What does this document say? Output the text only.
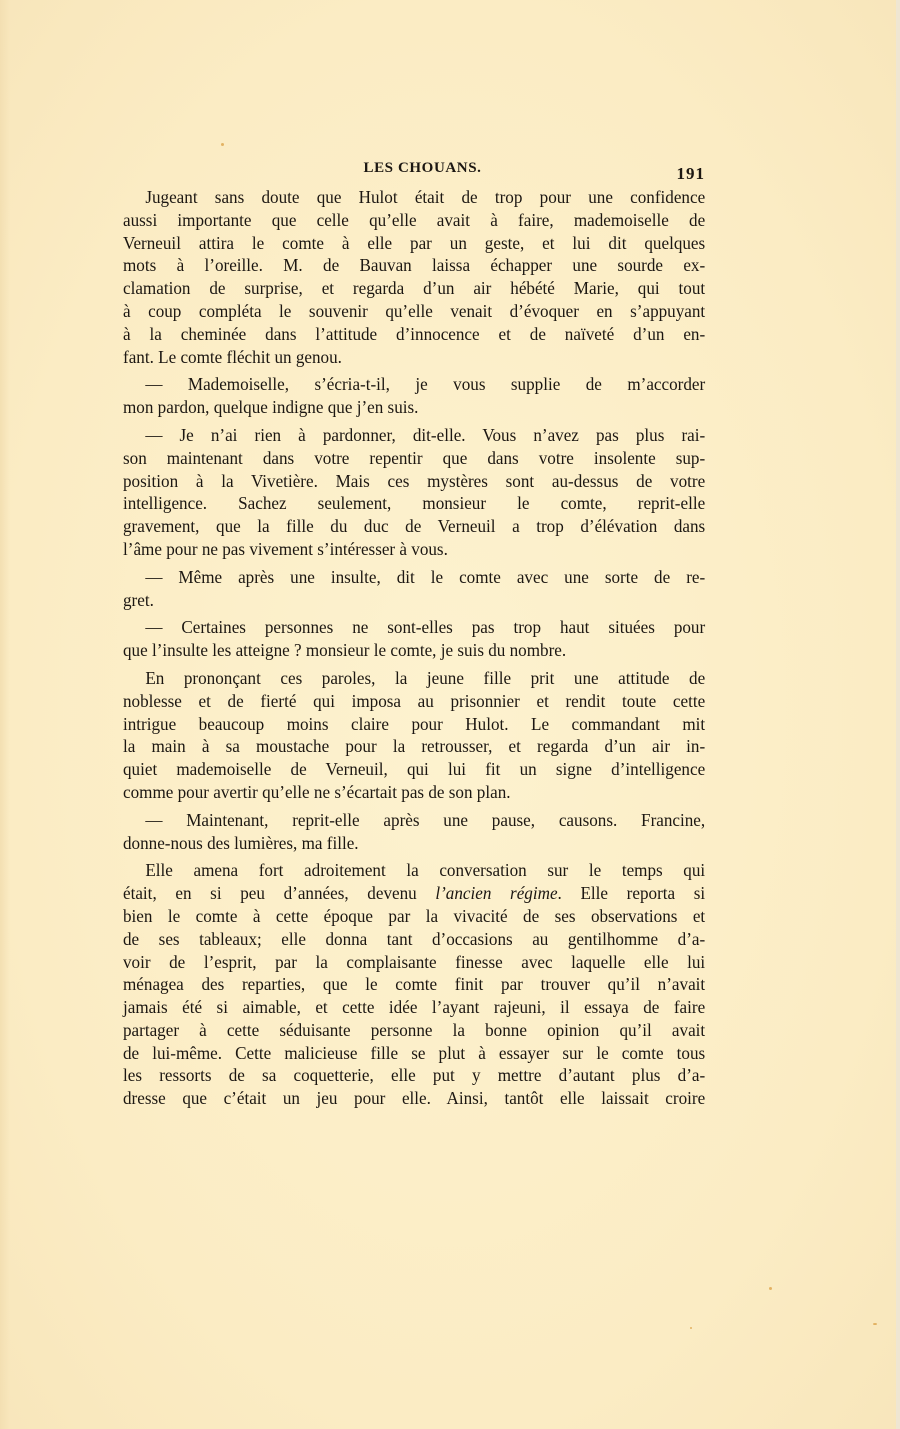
LES CHOUANS.	191

Jugeant sans doute que Hulot était de trop pour une confidence
aussi importante que celle qu’elle avait à faire, mademoiselle de
Verneuil attira le comte à elle par un geste, et lui dit quelques
mots à l’oreille. M. de Bauvan laissa échapper une sourde ex-
clamation de surprise, et regarda d’un air hébété Marie, qui tout
à coup compléta le souvenir qu’elle venait d’évoquer en s’appuyant
à la cheminée dans l’attitude d’innocence et de naïveté d’un en-
fant. Le comte fléchit un genou.

— Mademoiselle, s’écria-t-il, je vous supplie de m’accorder
mon pardon, quelque indigne que j’en suis.

— Je n’ai rien à pardonner, dit-elle. Vous n’avez pas plus rai-
son maintenant dans votre repentir que dans votre insolente sup-
position à la Vivetière. Mais ces mystères sont au-dessus de votre
intelligence. Sachez seulement, monsieur le comte, reprit-elle
gravement, que la fille du duc de Verneuil a trop d’élévation dans
l’âme pour ne pas vivement s’intéresser à vous.

— Même après une insulte, dit le comte avec une sorte de re-
gret.

— Certaines personnes ne sont-elles pas trop haut situées pour
que l’insulte les atteigne ? monsieur le comte, je suis du nombre.

En prononçant ces paroles, la jeune fille prit une attitude de
noblesse et de fierté qui imposa au prisonnier et rendit toute cette
intrigue beaucoup moins claire pour Hulot. Le commandant mit
la main à sa moustache pour la retrousser, et regarda d’un air in-
quiet mademoiselle de Verneuil, qui lui fit un signe d’intelligence
comme pour avertir qu’elle ne s’écartait pas de son plan.

— Maintenant, reprit-elle après une pause, causons. Francine,
donne-nous des lumières, ma fille.

Elle amena fort adroitement la conversation sur le temps qui
était, en si peu d’années, devenu l’ancien régime. Elle reporta si
bien le comte à cette époque par la vivacité de ses observations et
de ses tableaux; elle donna tant d’occasions au gentilhomme d’a-
voir de l’esprit, par la complaisante finesse avec laquelle elle lui
ménagea des reparties, que le comte finit par trouver qu’il n’avait
jamais été si aimable, et cette idée l’ayant rajeuni, il essaya de faire
partager à cette séduisante personne la bonne opinion qu’il avait
de lui-même. Cette malicieuse fille se plut à essayer sur le comte tous
les ressorts de sa coquetterie, elle put y mettre d’autant plus d’a-
dresse que c’était un jeu pour elle. Ainsi, tantôt elle laissait croire
